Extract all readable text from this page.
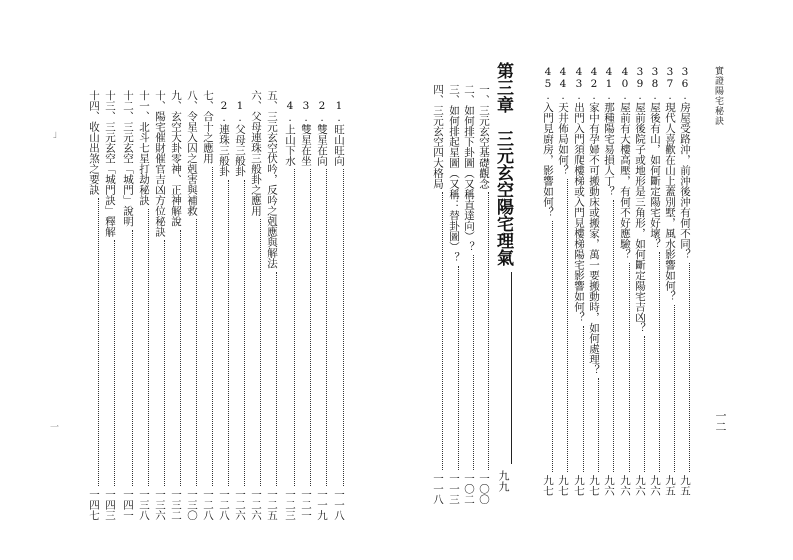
」
一
實證陽宅秘訣
一二
36.房屋受路沖，前沖後沖有何不同？
九五
37.現代人喜歡在山上蓋別墅，風水影響如何？
九五
38.屋後有山，如何斷定陽宅好壞？
九六
39.屋前後院子或地形是三角形，如何斷定陽宅吉凶？
九六
40.屋前有大樓高壓，有何不好應驗？
九六
41.那種陽宅易損人丁？
九六
42.家中有孕婦不可搬動床或搬家，萬一要搬動時，如何處理？
九七
43.出門入門須爬樓梯或入門見樓梯陽宅影響如何？
九七
44.天井佈局如何？
九七
45.入門見廚房，影響如何？
九七
第三章　三元玄空陽宅理氣
九九
一、三元玄空基礎觀念
一〇〇
二、如何排下卦圖（又稱直達向）？
一〇二
三、如何排起星圖（又稱：替卦圖）？
一一三
四、三元玄空四大格局
一一八
1.旺山旺向
一一八
2.雙星在向
一一九
3.雙星在坐
一二一
4.上山下水
一二三
五、三元玄空伏吟，反吟之剋應與解法
一二五
六、父母連珠三般卦之應用
一二六
1.父母三般卦
一二六
2.連珠三般卦
一二八
七、合十之應用
一二八
八、令星入囚之剋害與補救
一三〇
九、玄空大卦零神、正神解說
一三二
十、陽宅催財催官吉凶方位秘訣
一三六
十一、北斗七星打劫秘訣
一三八
十二、三元玄空「城門」說明
一四一
十三、三元玄空「城門訣」釋解
一四三
十四、收山出煞之要訣
一四七
